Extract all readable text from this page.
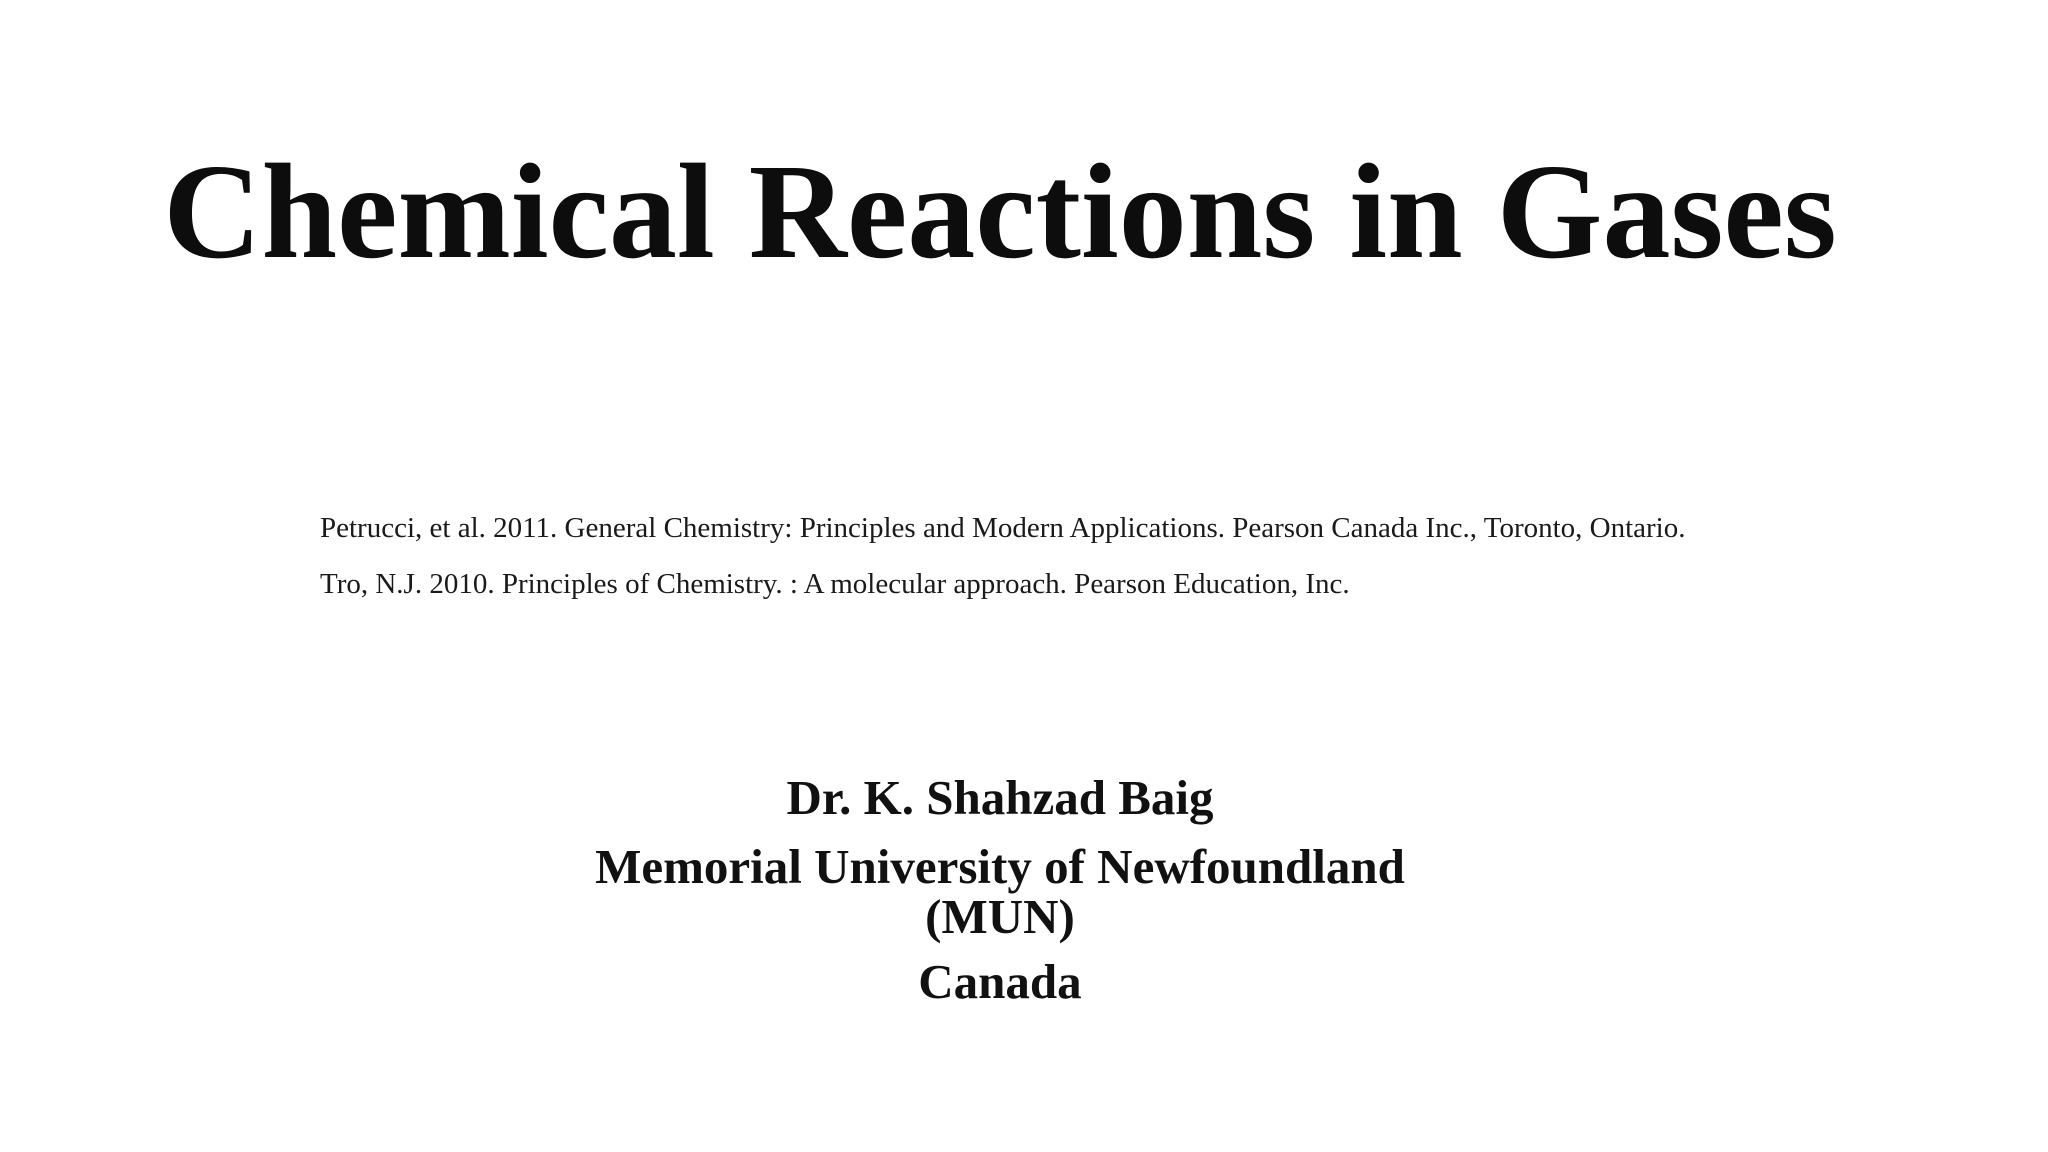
Chemical Reactions in Gases
Petrucci, et al. 2011. General Chemistry: Principles and Modern Applications. Pearson Canada Inc., Toronto, Ontario.
Tro, N.J. 2010. Principles of Chemistry. : A molecular approach. Pearson Education, Inc.
Dr. K. Shahzad Baig
Memorial University of Newfoundland
(MUN)
Canada
